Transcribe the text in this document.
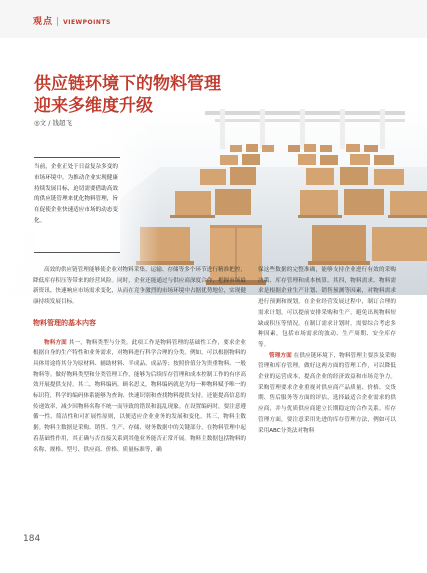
观点 | VIEWPOINTS
供应链环境下的物料管理
迎来多维度升级
◎文 / 钱超飞
当前，企业正处于日益复杂多变的市场环境中。为推动企业实现健康持续发展目标，迫切需要借助高效的供应链管理来优化物料管理，旨在促使企业快速适应市场的动态变化。

高效的供应链管理能够使企业对物料采集、运输、存储等多个环节进行精准把控，降低库存积压等带来的经营风险。同时，企业还能通过与供应商深度合作，把握市场最新资讯、快速响应市场需求变化，从而在竞争激烈的市场环境中占据优势地位，实现健康持续发展目标。

物料管理的基本内容

物料方面 其一，物料类型与分类。此项工作是物料管理的基础性工作，要求企业根据自身的生产特性和业务需求，对物料进行科学合理的分类。例如，可以根据物料的具体用途将其分为原材料、辅助材料、半成品、成品等；按照价值分为贵重物料、一般物料等。做好物料类型和分类管理工作，能够为后续库存管理和成本控制工作的有序高效开展提供支持。其二，物料编码。顾名思义，物料编码就是为每一种物料赋予唯一的标识符，科学的编码体系能够为查询、快速识别和查找物料提供支持，还能提高信息的传递效率，减少因物料名称不统一而导致的错误和混乱现象。在设置编码时，要注意遵循一性、简洁性和可扩展性原则，以便适应企业业务的发展和变化。其三，物料主数据。物料主数据是采购、销售、生产、存储、财务数据中的关键部分，在物料管理中起着基础性作用，其正确与否直接关系到其他业务能否正常开展。物料主数据包括物料的名称、规格、型号、供应商、价格、质量标准等，确

保这些数据的完整准确，能够支持企业进行有效的采购决策、库存管理和成本核算。其四，物料需求。物料需求是根据企业生产计划、销售预测等因素，对物料需求进行预测和规划。在企业经营发展过程中，制订合理的需求计划，可以提前安排采购和生产，避免出现物料短缺或积压等情况。在制订需求计划时，需要综合考虑多种因素，包括市场需求的波动、生产周期、安全库存等。

管理方面 在供应链环境下，物料管理主要涉及采购管理和库存管理。做好这两方面的管理工作，可以降低企业的运营成本，提高企业的经济效益和市场竞争力。采购管理要求企业重视对供应商产品质量、价格、交货期、售后服务等方面的评估，选择最适合企业需求的供应商，并与优质供应商建立长期稳定的合作关系。库存管理方面，要注意采用先进的库存管理方法，例如可以采用ABC分类法对物料

184
